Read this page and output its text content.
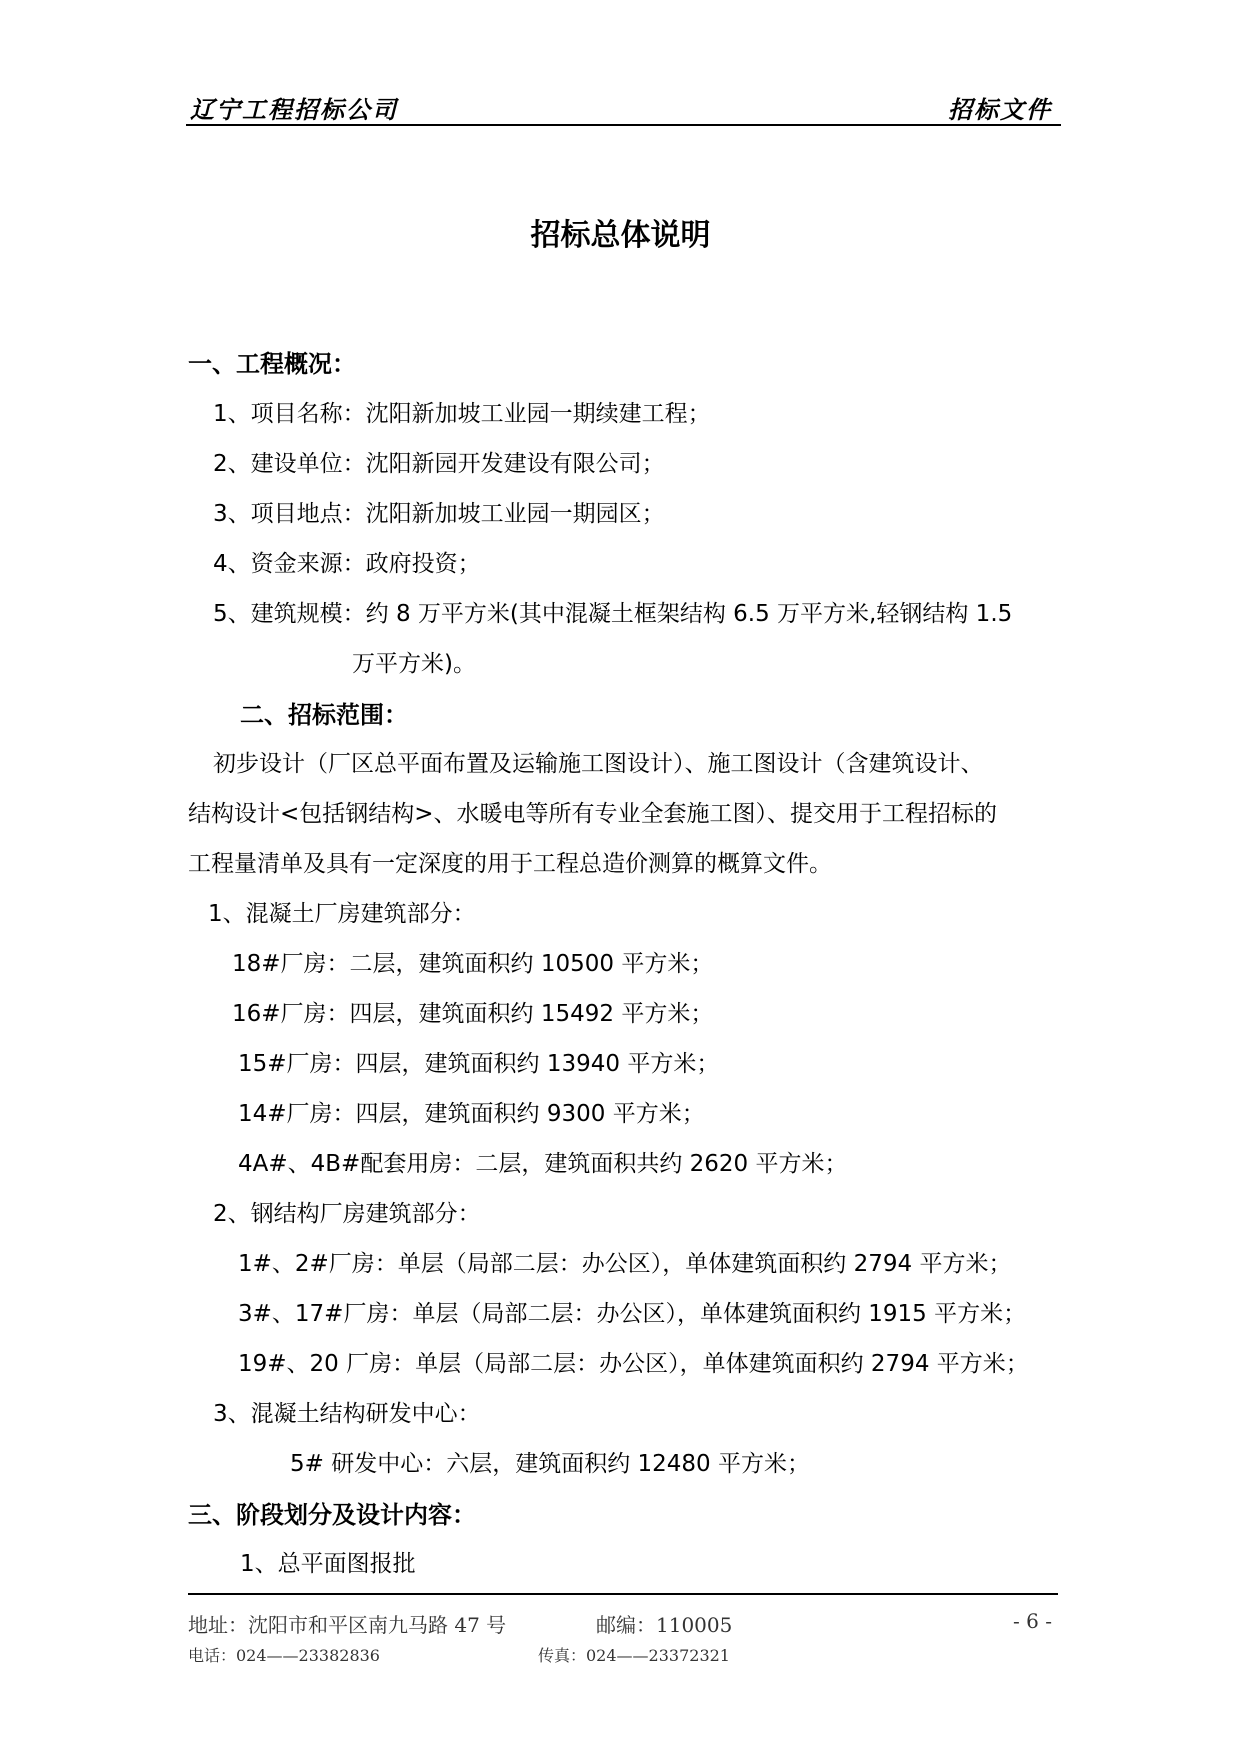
辽宁工程招标公司	招标文件
招标总体说明
一、工程概况：
1、项目名称：沈阳新加坡工业园一期续建工程；
2、建设单位：沈阳新园开发建设有限公司；
3、项目地点：沈阳新加坡工业园一期园区；
4、资金来源：政府投资；
5、建筑规模：约 8 万平方米(其中混凝土框架结构 6.5 万平方米,轻钢结构 1.5
万平方米)。
二、招标范围：
初步设计（厂区总平面布置及运输施工图设计）、施工图设计（含建筑设计、
结构设计<包括钢结构>、水暖电等所有专业全套施工图）、提交用于工程招标的
工程量清单及具有一定深度的用于工程总造价测算的概算文件。
1、混凝土厂房建筑部分：
18#厂房：二层，建筑面积约 10500 平方米；
16#厂房：四层，建筑面积约 15492 平方米；
15#厂房：四层，建筑面积约 13940 平方米；
14#厂房：四层，建筑面积约 9300 平方米；
4A#、4B#配套用房：二层，建筑面积共约 2620 平方米；
2、钢结构厂房建筑部分：
1#、2#厂房：单层（局部二层：办公区），单体建筑面积约 2794 平方米；
3#、17#厂房：单层（局部二层：办公区），单体建筑面积约 1915 平方米；
19#、20 厂房：单层（局部二层：办公区），单体建筑面积约 2794 平方米；
3、混凝土结构研发中心：
5# 研发中心：六层，建筑面积约 12480 平方米；
三、阶段划分及设计内容：
1、总平面图报批
地址：沈阳市和平区南九马路 47 号	邮编：110005	- 6 -
电话：024——23382836	传真：024——23372321
